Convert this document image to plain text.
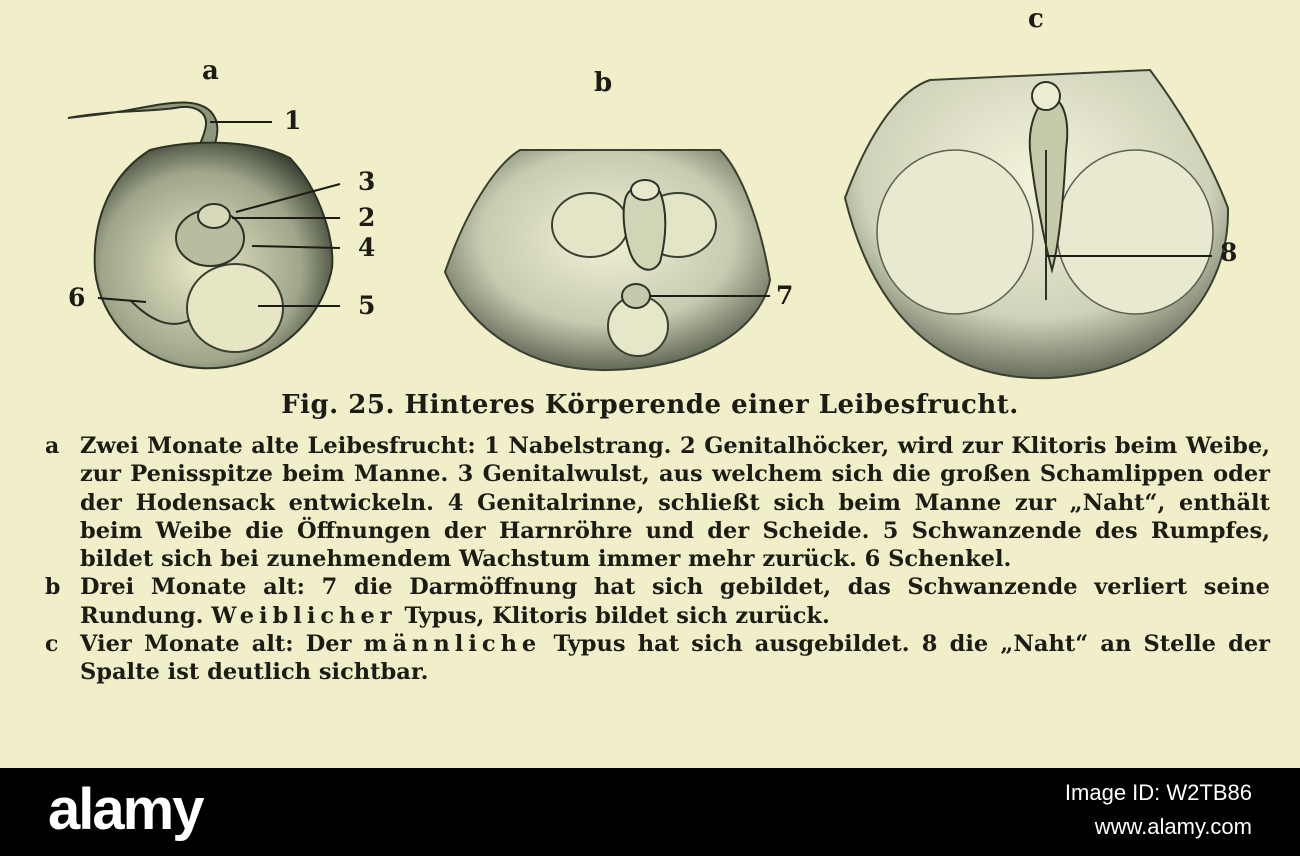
a	b
c
1
2
3
4
5
6	7
8
Fig. 25. Hinteres Körperende einer Leibesfrucht.
a Zwei Monate alte Leibesfrucht: 1 Nabelstrang. 2 Genitalhöcker, wird zur Klitoris beim Weibe, zur Penisspitze beim Manne. 3 Genitalwulst, aus welchem sich die großen Schamlippen oder der Hodensack entwickeln. 4 Genitalrinne, schließt sich beim Manne zur „Naht“, enthält beim Weibe die Öffnungen der Harnröhre und der Scheide. 5 Schwanzende des Rumpfes, bildet sich bei zunehmendem Wachstum immer mehr zurück. 6 Schenkel.
b Drei Monate alt: 7 die Darmöffnung hat sich gebildet, das Schwanzende verliert seine Rundung. Weiblicher Typus, Klitoris bildet sich zurück.
c Vier Monate alt: Der männliche Typus hat sich ausgebildet. 8 die „Naht“ an Stelle der Spalte ist deutlich sichtbar.
alamy	Image ID: W2TB86
www.alamy.com
